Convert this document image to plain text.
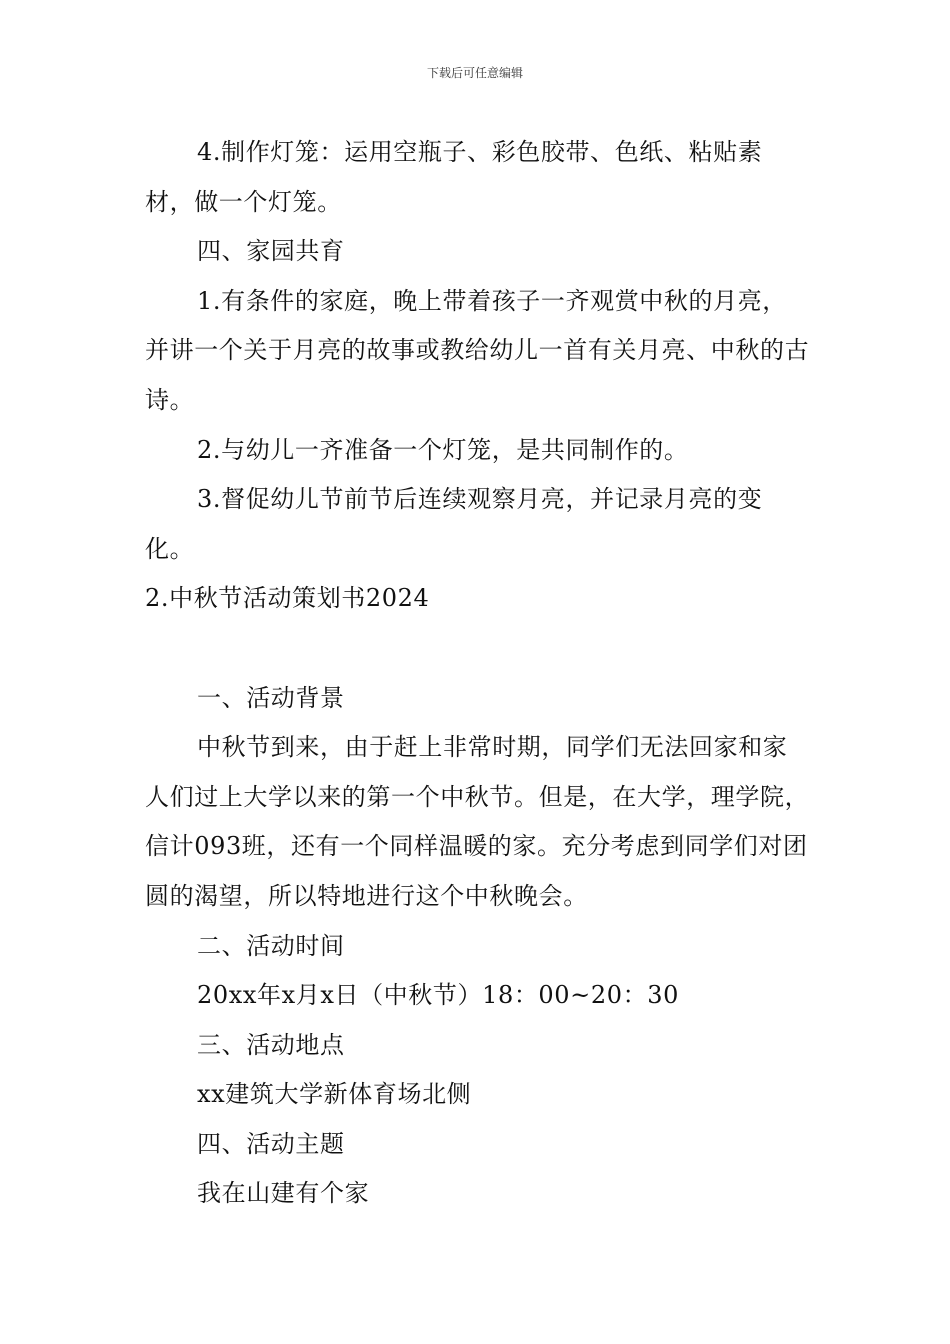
下载后可任意编辑

4.制作灯笼：运用空瓶子、彩色胶带、色纸、粘贴素材，做一个灯笼。

四、家园共育

1.有条件的家庭，晚上带着孩子一齐观赏中秋的月亮，并讲一个关于月亮的故事或教给幼儿一首有关月亮、中秋的古诗。

2.与幼儿一齐准备一个灯笼，是共同制作的。

3.督促幼儿节前节后连续观察月亮，并记录月亮的变化。

2.中秋节活动策划书2024

一、活动背景

中秋节到来，由于赶上非常时期，同学们无法回家和家人们过上大学以来的第一个中秋节。但是，在大学，理学院，信计093班，还有一个同样温暖的家。充分考虑到同学们对团圆的渴望，所以特地进行这个中秋晚会。

二、活动时间

20xx年x月x日（中秋节）18：00~20：30

三、活动地点

xx建筑大学新体育场北侧

四、活动主题

我在山建有个家
